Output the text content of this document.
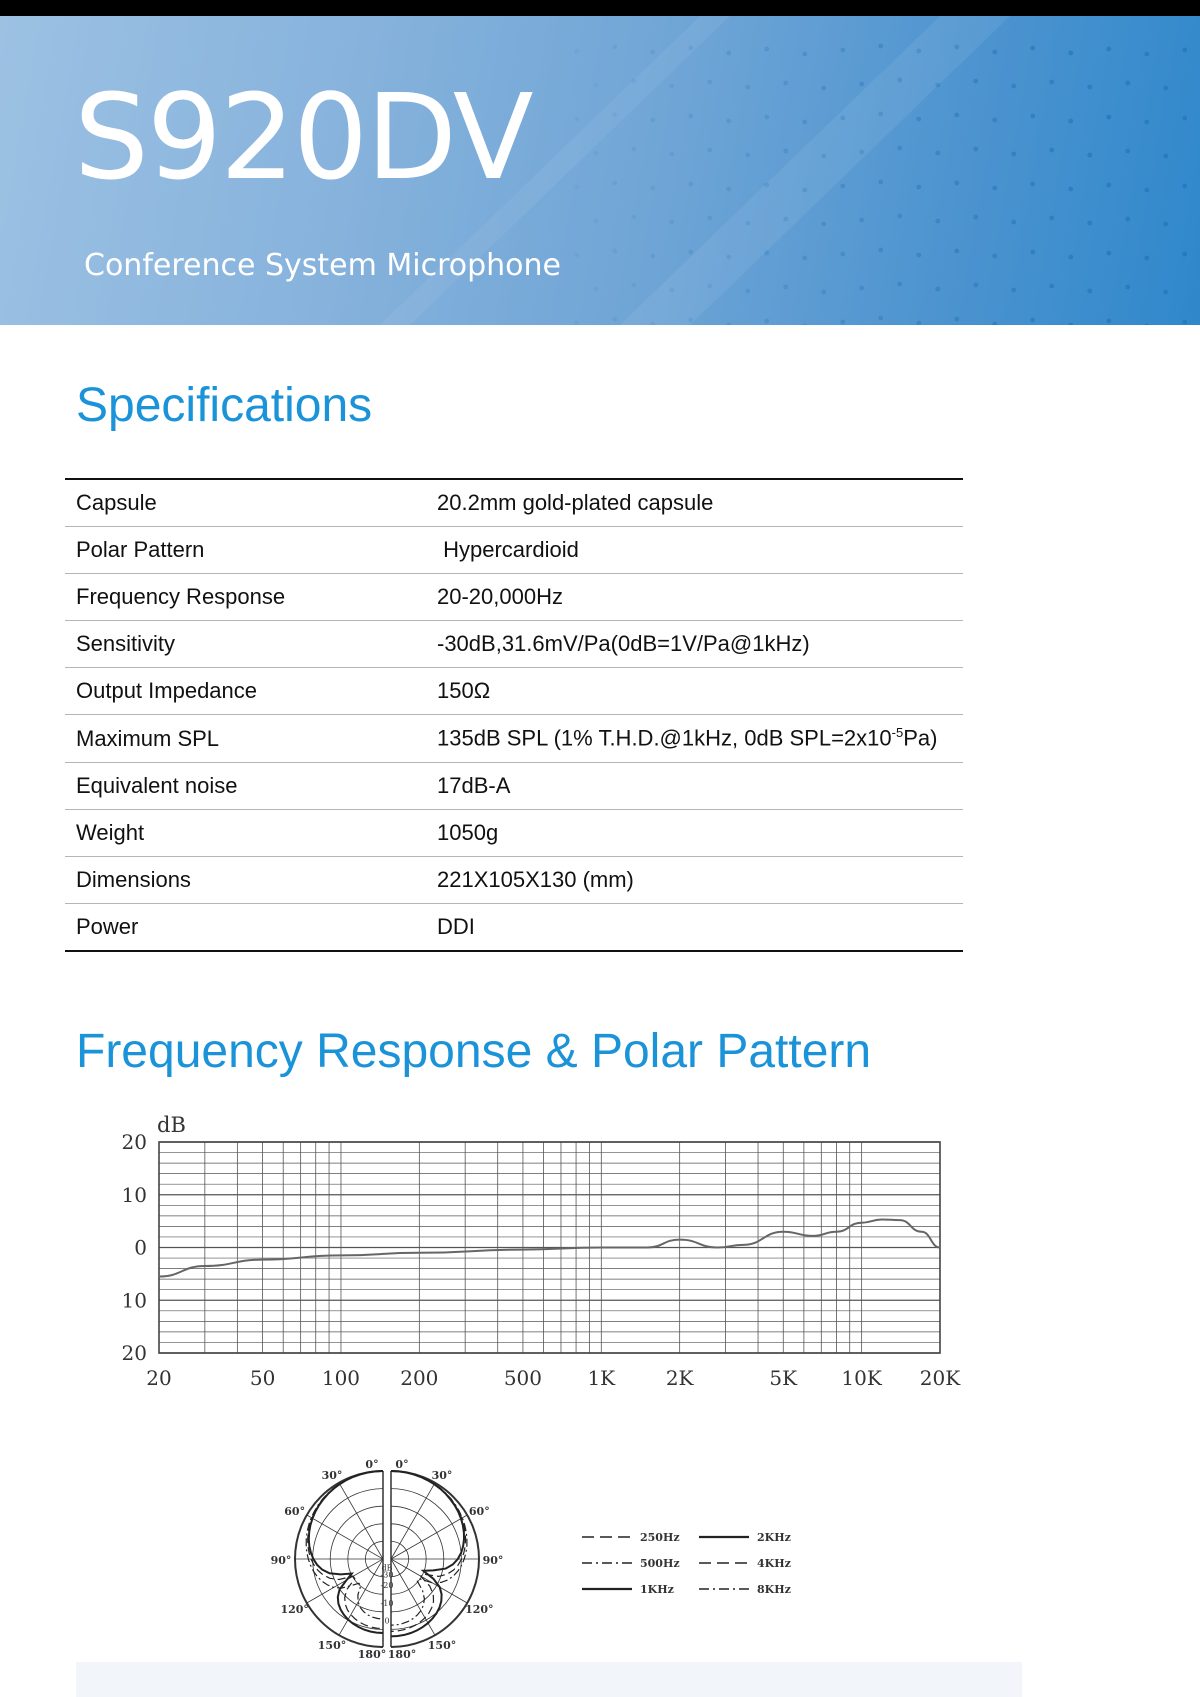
S920DV
Conference System Microphone
Specifications
Capsule	20.2mm gold-plated capsule
Polar Pattern	Hypercardioid
Frequency Response	20-20,000Hz
Sensitivity	-30dB,31.6mV/Pa(0dB=1V/Pa@1kHz)
Output Impedance	150Ω
Maximum SPL	135dB SPL (1% T.H.D.@1kHz, 0dB $SPL=2x10^{-5}Pa$)
Equivalent noise	17dB-A
Weight	1050g
Dimensions	221X105X130 (mm)
Power	DDI
Frequency Response & Polar Pattern
dB
20
10
0
10
20
20	50 100 200	500 1K	2K	5K 10K 20K
0°
30°
60°
90°
120°
150°
180°
0°
30°
60°
90°
120°
150°
180°
dB
-30
-20
-10
0
250Hz
500Hz
1KHz
2KHz
4KHz
8KHz
